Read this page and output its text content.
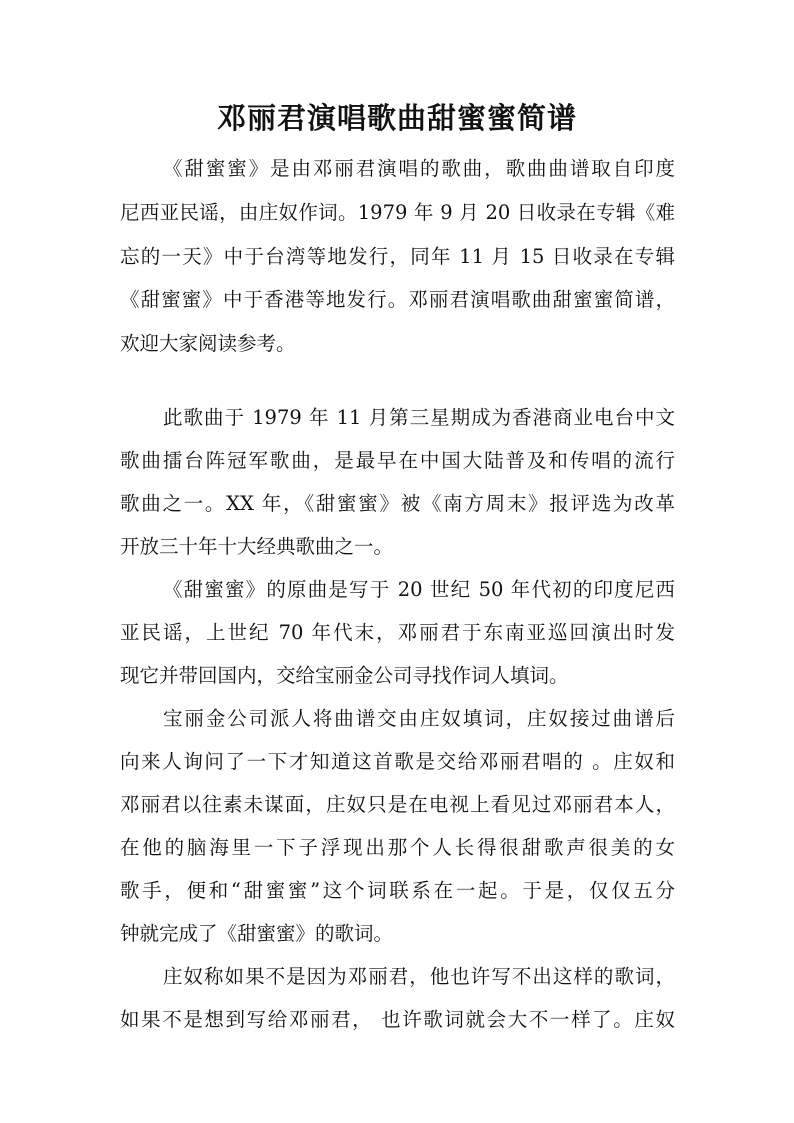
邓丽君演唱歌曲甜蜜蜜简谱

《甜蜜蜜》是由邓丽君演唱的歌曲，歌曲曲谱取自印度

尼西亚民谣，由庄奴作词。1979 年 9 月 20 日收录在专辑《难

忘的一天》中于台湾等地发行，同年 11 月 15 日收录在专辑

《甜蜜蜜》中于香港等地发行。邓丽君演唱歌曲甜蜜蜜简谱，

欢迎大家阅读参考。

此歌曲于 1979 年 11 月第三星期成为香港商业电台中文

歌曲擂台阵冠军歌曲，是最早在中国大陆普及和传唱的流行

歌曲之一。XX 年，《甜蜜蜜》被《南方周末》报评选为改革

开放三十年十大经典歌曲之一。

《甜蜜蜜》的原曲是写于 20 世纪 50 年代初的印度尼西

亚民谣，上世纪 70 年代末，邓丽君于东南亚巡回演出时发

现它并带回国内，交给宝丽金公司寻找作词人填词。

宝丽金公司派人将曲谱交由庄奴填词，庄奴接过曲谱后

向来人询问了一下才知道这首歌是交给邓丽君唱的 。庄奴和

邓丽君以往素未谋面，庄奴只是在电视上看见过邓丽君本人，

在他的脑海里一下子浮现出那个人长得很甜歌声很美的女

歌手，便和“甜蜜蜜”这个词联系在一起。于是，仅仅五分

钟就完成了《甜蜜蜜》的歌词。

庄奴称如果不是因为邓丽君，他也许写不出这样的歌词，

如果不是想到写给邓丽君， 也许歌词就会大不一样了。庄奴
